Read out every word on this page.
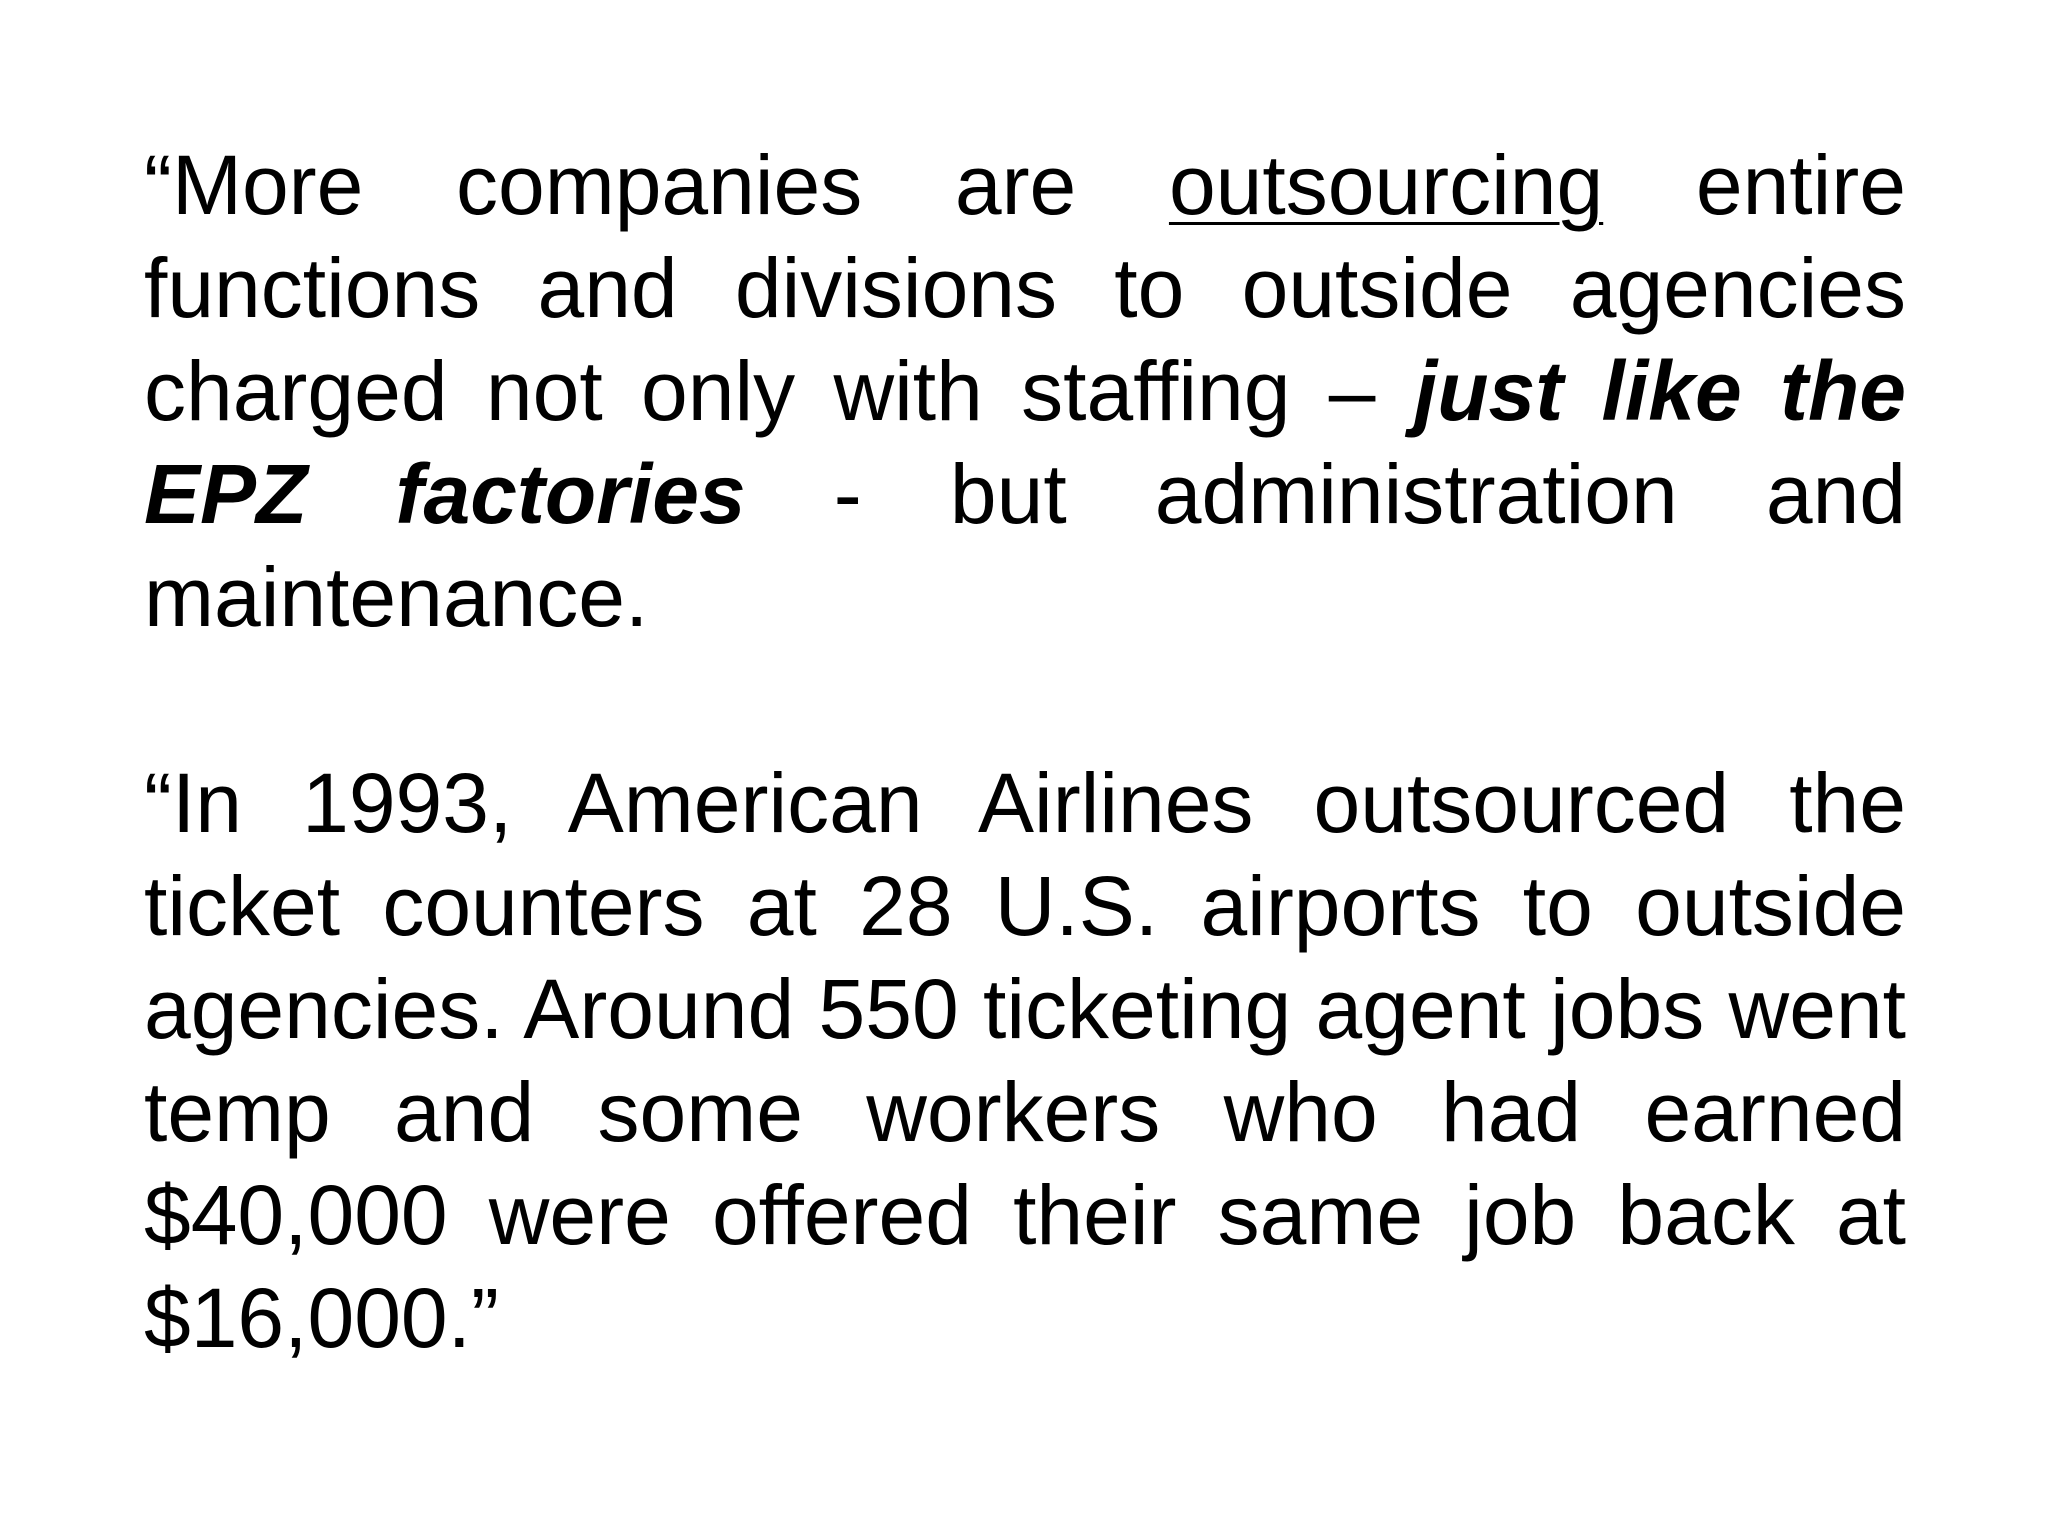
“More companies are outsourcing entire functions and divisions to outside agencies charged not only with staffing – just like the EPZ factories - but administration and maintenance.

“In 1993, American Airlines outsourced the ticket counters at 28 U.S. airports to outside agencies. Around 550 ticketing agent jobs went temp and some workers who had earned $40,000 were offered their same job back at $16,000.”
